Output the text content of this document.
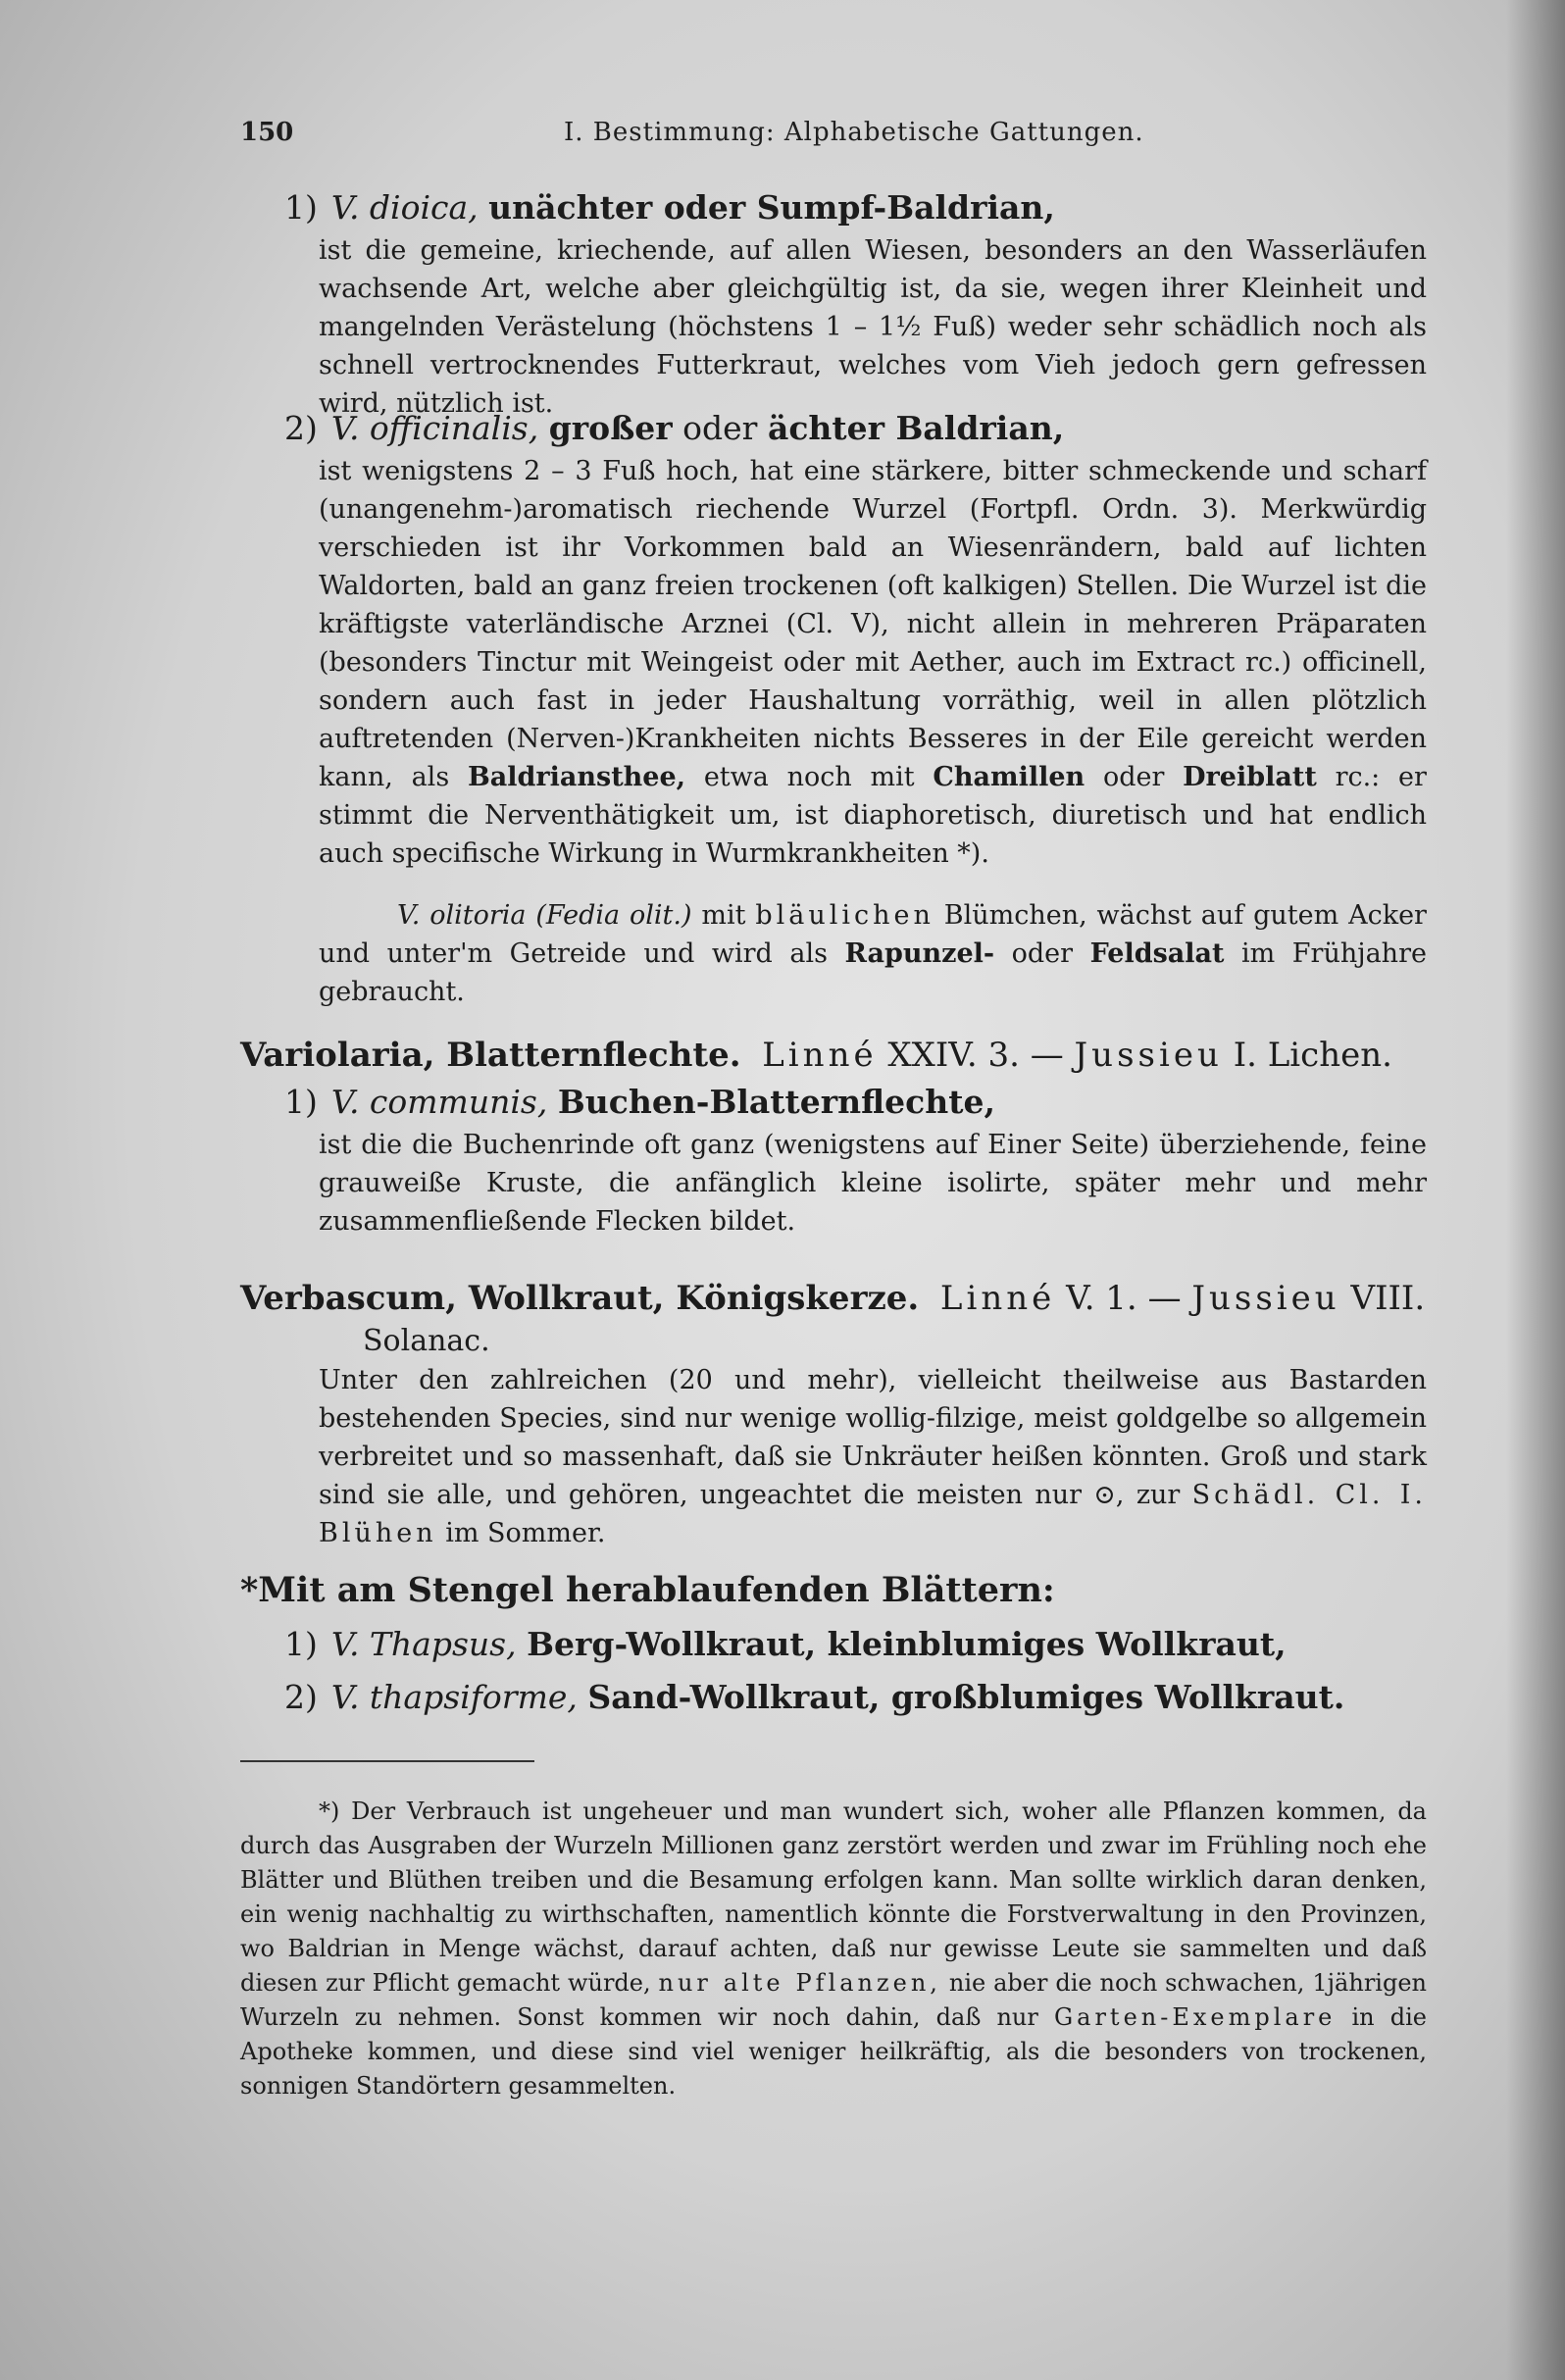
150	I. Bestimmung: Alphabetische Gattungen.
1) V. dioica, unächter oder Sumpf-Baldrian,
ist die gemeine, kriechende, auf allen Wiesen, besonders an den Wasserläufen wachsende Art, welche aber gleichgültig ist, da sie, wegen ihrer Kleinheit und mangelnden Verästelung (höchstens 1 – 1½ Fuß) weder sehr schädlich noch als schnell vertrocknendes Futterkraut, welches vom Vieh jedoch gern gefressen wird, nützlich ist.
2) V. officinalis, großer oder ächter Baldrian,
ist wenigstens 2 – 3 Fuß hoch, hat eine stärkere, bitter schmeckende und scharf (unangenehm-)aromatisch riechende Wurzel (Fortpfl. Ordn. 3). Merkwürdig verschieden ist ihr Vorkommen bald an Wiesenrändern, bald auf lichten Waldorten, bald an ganz freien trockenen (oft kalkigen) Stellen. Die Wurzel ist die kräftigste vaterländische Arznei (Cl. V), nicht allein in mehreren Präparaten (besonders Tinctur mit Weingeist oder mit Aether, auch im Extract rc.) officinell, sondern auch fast in jeder Haushaltung vorräthig, weil in allen plötzlich auftretenden (Nerven-)Krankheiten nichts Besseres in der Eile gereicht werden kann, als Baldrianstheе, etwa noch mit Chamillen oder Dreiblatt rc.: er stimmt die Nerventhätigkeit um, ist diaphoretisch, diuretisch und hat endlich auch specifische Wirkung in Wurmkrankheiten *).
V. olitoria (Fedia olit.) mit bläulichen Blümchen, wächst auf gutem Acker und unter'm Getreide und wird als Rapunzel- oder Feldsalat im Frühjahre gebraucht.
Variolaria, Blatternflechte. Linné XXIV. 3. — Jussieu I. Lichen.
1) V. communis, Buchen-Blatternflechte,
ist die die Buchenrinde oft ganz (wenigstens auf Einer Seite) überziehende, feine grauweiße Kruste, die anfänglich kleine isolirte, später mehr und mehr zusammenfließende Flecken bildet.
Verbascum, Wollkraut, Königskerze. Linné V. 1. — Jussieu VIII.
Solanac.
Unter den zahlreichen (20 und mehr), vielleicht theilweise aus Bastarden bestehenden Species, sind nur wenige wollig-filzige, meist goldgelbe so allgemein verbreitet und so massenhaft, daß sie Unkräuter heißen könnten. Groß und stark sind sie alle, und gehören, ungeachtet die meisten nur ⊙, zur Schädl. Cl. I. Blühen im Sommer.
*Mit am Stengel herablaufenden Blättern:
1) V. Thapsus, Berg-Wollkraut, kleinblumiges Wollkraut,
2) V. thapsiforme, Sand-Wollkraut, großblumiges Wollkraut.
*) Der Verbrauch ist ungeheuer und man wundert sich, woher alle Pflanzen kommen, da durch das Ausgraben der Wurzeln Millionen ganz zerstört werden und zwar im Frühling noch ehe Blätter und Blüthen treiben und die Besamung erfolgen kann. Man sollte wirklich daran denken, ein wenig nachhaltig zu wirthschaften, namentlich könnte die Forstverwaltung in den Provinzen, wo Baldrian in Menge wächst, darauf achten, daß nur gewisse Leute sie sammelten und daß diesen zur Pflicht gemacht würde, nur alte Pflanzen, nie aber die noch schwachen, 1jährigen Wurzeln zu nehmen. Sonst kommen wir noch dahin, daß nur Garten-Exemplare in die Apotheke kommen, und diese sind viel weniger heilkräftig, als die besonders von trockenen, sonnigen Standörtern gesammelten.
